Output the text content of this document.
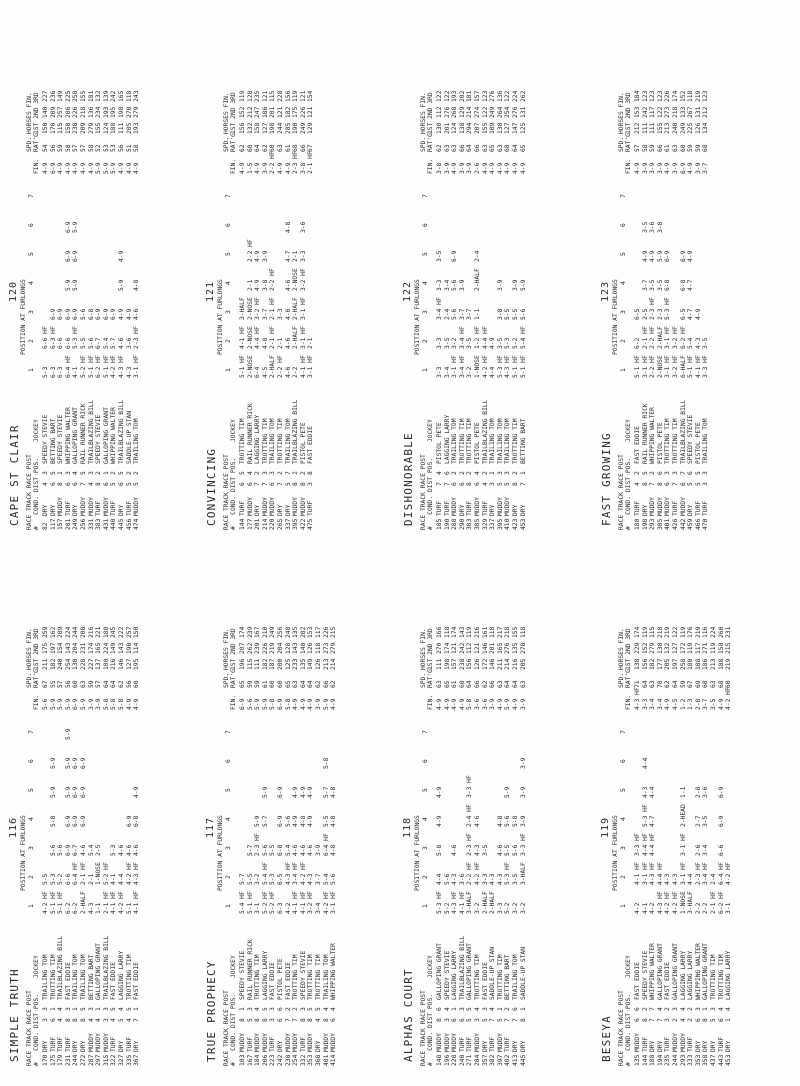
SIMPLE TRUTH
116
RACE TRACK RACE POST #   COND. DIST POS.
JOCKEY
POSITION AT FURLONGS
1
2
3
4
5
6
7
FIN.
SPD. RAT'G
HORSES FIN. 1ST 2ND 3RD
170
DRY
3
3
TRAILING TOM
4-2 HF
5-5
5-6
67
211
175
259
175
TURF
6
1
TROTTING TIM
5-1 HF
5-3
5-6
5-8
5-9
5-9
5-9
55
182
197
162
179
TURF
4
4
TRAILBLAZING BILL
5-1 HF
5-2
5-6
5-9
57
240
154
209
231
TURF
8
3
FAST EDDIE
6-2
6-6
6-9
6-9
5-9
5-9
5-9
5-9
56
254
143
224
244
DRY
8
1
TRAILING TOM
6-2
6-4 HF
6-7
6-9
6-9
6-9
6-9
60
130
204
244
272
DRY
8
5
TRAILING TOM
2-HALF
2-1 HF
4-6
6-9
6-9
6-9
5-9
63
228
231
208
287
MUDDY
4
3
BETTING BART
4-3
2-1
5-4
3-9
59
227
174
216
297
MUDDY
4
1
GALLOPING GRANT
1-1
1-NOSE
2-5
3-9
57
137
165
221
315
MUDDY
3
3
TRAILBLAZING BILL
2-1 HF
5-2 HF
5-8
64
100
224
180
322
TURF
4
5
FAST EDDIE
4-1 HF
4-1
5-3
5-8
64
216
149
245
327
DRY
5
4
LAGGING LARRY
4-2 HF
4-4
4-6
5-8
62
146
143
222
335
TURF
4
5
TROTTING TIM
5-1
4-2 HF
4-6
6-9
4-9
56
127
190
257
367
DRY
7
1
FAST EDDIE
4-1 HF
4-3 HF
4-6
6-8
4-9
4-9
60
195
114
150
CAPE ST CLAIR
120
RACE TRACK RACE POST #   COND. DIST POS.
JOCKEY
POSITION AT FURLONGS
1
2
3
4
5
6
7
FIN.
SPD. RAT'G
HORSES FIN. 1ST 2ND 3RD
82
DRY
4
3
SPEEDY STEVIE
5-3
6-6 HF
4-9
54
150
140
227
117
DRY
6
5
BETTING BART
6-3
6-3 HF
6-9
6-9
56
170
209
236
157
MUDDY
8
1
SPEEDY STEVIE
6-3
6-6
6-9
4-9
59
115
257
149
201
TURF
6
3
WHIPPING WALTER
6-4 HF
6-6
6-9
5-9
6-9
6-9
4-9
58
150
206
225
249
DRY
6
4
GALLOPING GRANT
4-1
5-3 HF
6-9
5-9
6-9
5-9
4-9
57
238
226
258
256
MUDDY
7
5
RAIL RUNNER RICK
5-2 HF
5-5
5-6
4-9
57
209
218
155
331
MUDDY
4
3
TRAILBLAZING BILL
5-1 HF
5-6
6-8
4-9
58
279
136
181
383
TURF
8
2
SPEEDY STEVIE
6-2 HF
6-7
6-9
5-9
52
155
234
132
431
MUDDY
6
1
GALLOPING GRANT
5-1 HF
5-4
6-9
5-9
53
124
193
139
440
TURF
5
2
WHIPPING WALTER
4-2 HF
5-7
6-9
5-9
53
188
195
242
445
DRY
6
5
TRAILBLAZING BILL
4-3 HF
4-6
4-9
5-9
4-9
4-9
56
111
198
165
456
TURF
5
2
SADDLE-UP STAN
4-3
3-6
4-9
4-9
51
205
270
118
474
MUDDY
5
2
TRAILING TOM
3-1 HF
2-3 HF
4-6
4-8
4-9
58
193
279
243
TRUE PROPHECY
117
RACE TRACK RACE POST #   COND. DIST POS.
JOCKEY
POSITION AT FURLONGS
1
2
3
4
5
6
7
FIN.
SPD. RAT'G
HORSES FIN. 1ST 2ND 3RD
103
MUDDY
8
1
SPEEDY STEVIE
5-4 HF
5-7
6-9
65
196
207
174
167
TURF
5
3
RAIL RUNNER RICK
5-1 HF
5-5
5-7
5-6
59
115
262
239
184
MUDDY
8
4
TROTTING TIM
3-1
3-2
2-3 HF
5-9
5-9
59
111
239
167
206
MUDDY
8
5
LAGGING LARRY
5-2 HF
5-4 HF
5-6
5-7
5-9
5-9
61
182
226
210
223
TURF
3
3
FAST EDDIE
5-2 HF
5-3
5-5
5-8
60
187
219
249
242
DRY
6
6
PISTOL PETE
6-3
6-5
6-8
6-9
6-9
6-9
60
200
204
256
238
MUDDY
7
2
FAST EDDIE
4-2
4-3 HF
5-4
5-6
5-8
65
125
128
248
254
MUDDY
7
2
TROTTING TIM
4-1 HF
3-4 HF
4-6
4-9
4-9
4-9
63
233
143
135
332
TURF
8
3
SPEEDY STEVIE
4-1 HF
4-2 HF
4-6
4-8
4-9
4-9
64
135
140
282
353
MUDDY
8
5
TROTTING TIM
3-2 HF
4-3
4-6
4-9
4-9
4-9
64
149
126
153
368
DRY
4
5
TROTTING TIM
3-4
3-7
3-9
3-9
62
126
118
117
401
MUDDY
8
4
TRAILING TOM
4-2 HF
5-4
6-4 HF
5-5
5-7
5-8
5-9
66
213
273
226
414
MUDDY
6
4
WHIPPING WALTER
3-1 HF
5-6
4-8
4-8
4-8
4-9
62
214
279
215
CONVINCING
121
RACE TRACK RACE POST #   COND. DIST POS.
JOCKEY
POSITION AT FURLONGS
1
2
3
4
5
6
7
FIN.
SPD. RAT'G
HORSES FIN. 1ST 2ND 3RD
144
TURF
6
5
TROTTING TIM
5-1 HF
4-1 HF
3-HALF
4-9
62
156
152
119
177
MUDDY
6
4
RAIL RUNNER RICK
2-NOSE
2-NOSE
2-NOSE
2-1
2-2 HF
1-5
60
132
212
128
201
DRY
7
2
LAGGING LARRY
6-4
4-4 HF
3-2 HF
4-9
4-9
4-9
64
158
247
235
214
MUDDY
7
3
TROTTING TIM
4-5
4-8
3-7
3-8
3-9
3-9
62
127
186
121
220
MUDDY
6
3
TRAILING TOM
2-HALF
2-1 HF
2-1 HF
2-2 HF
2-2 HF
60
198
201
115
265
DRY
7
2
TROTTING TIM
2-2 HF
2-1
3-3
4-9
63
244
121
228
337
DRY
5
7
TRAILING TOM
4-6
4-6
4-6
4-6
4-7
4-8
4-9
61
285
182
156
395
MUDDY
8
2
TRAILBLAZING BILL
2-2
2-HALF
2-HALF
2-NOSE
2-1
2-3 HF
68
190
175
119
422
MUDDY
8
2
PISTOL PETE
4-1 HF
3-1 HF
3-1 HF
3-2 HF
3-3
3-6
3-8
66
249
226
121
475
TURF
3
8
FAST EDDIE
3-1 HF
2-1
2-1 HF
67
129
121
154
ALPHAS COURT
118
RACE TRACK RACE POST #   COND. DIST POS.
JOCKEY
POSITION AT FURLONGS
1
2
3
4
5
6
7
FIN.
SPD. RAT'G
HORSES FIN. 1ST 2ND 3RD
148
MUDDY
8
6
GALLOPING GRANT
5-3 HF
4-4
5-8
4-9
4-9
4-9
63
111
270
166
196
MUDDY
3
4
SPEEDY STEVIE
5-2
5-6
4-9
65
198
174
118
228
MUDDY
6
1
LAGGING LARRY
4-3 HF
4-3
4-6
4-9
61
157
121
174
240
TURF
6
3
TRAILBLAZING BILL
4-1 HF
3-6
4-9
60
238
242
143
271
TURF
5
5
GALLOPING GRANT
3-HALF
2-2 HF
2-3 HF
2-4 HF
3-3 HF
5-8
64
156
112
119
284
MUDDY
3
4
TROTTING TIM
3-2
4-2 HF
4-3
4-6
3-6
66
126
121
216
357
DRY
5
3
FAST EDDIE
2-HALF
3-3
3-5
3-6
62
172
146
161
382
TURF
7
4
SADDLE-UP STAN
2-HALF
4-3
3-9
66
146
201
118
397
MUDDY
5
1
TROTTING TIM
3-3
4-3
4-6
4-8
4-9
63
211
165
217
402
TURF
7
2
BETTING BART
5-2
5-3 HF
5-5
5-6
5-9
5-9
64
214
276
218
413
DRY
7
6
TRAILING TOM
3-2
3-5
5-6
5-8
4-9
64
216
135
155
445
DRY
8
1
SADDLE-UP STAN
3-2
3-HALF
3-3 HF
3-9
3-9
3-9
3-9
63
205
278
118
DISHONORABLE
122
RACE TRACK RACE POST #   COND. DIST POS.
JOCKEY
POSITION AT FURLONGS
1
2
3
4
5
6
7
FIN.
SPD. RAT'G
HORSES FIN. 1ST 2ND 3RD
105
TURF
7
4
PISTOL PETE
3-3
3-3
3-4 HF
3-3
3-5
3-8
62
130
112
122
190
TURF
7
6
LAGGING LARRY
3-4
3-5
2-4
3-4
3-9
63
201
276
122
288
MUDDY
6
2
TRAILING TOM
3-1 HF
3-2
5-6
5-6
6-9
4-9
63
124
268
193
290
DRY
6
2
TROTTING TIM
3-4 HF
3-4 HF
3-7
3-9
3-9
66
138
129
202
303
TURF
8
2
TROTTING TIM
3-2
3-5
3-7
3-9
64
294
214
181
305
MUDDY
6
4
PISTOL PETE
1-NOSE
1-2 HF
1-1
2-HALF
2-4
2-6
66
207
274
157
329
TURF
4
2
TRAILBLAZING BILL
4-2 HF
4-4 HF
4-9
63
155
122
123
337
DRY
3
1
TRAILING TOM
4-4
4-9
4-9
65
109
249
276
395
MUDDY
5
3
TRAILING TOM
5-3 HF
3-5
3-8
3-9
4-9
63
138
264
136
410
MUDDY
5
3
TRAILING TOM
4-3 HF
5-3
5-5
4-9
68
127
254
122
423
DRY
8
2
TROTTING TIM
5-1 HF
5-2
5-5
3-9
4-9
64
147
276
224
453
DRY
7
1
BETTING BART
5-1 HF
5-4 HF
5-6
5-9
4-9
65
125
131
262
BESEYA
119
RACE TRACK RACE POST #   COND. DIST POS.
JOCKEY
POSITION AT FURLONGS
1
2
3
4
5
6
7
FIN.
SPD. RAT'G
HORSES FIN. 1ST 2ND 3RD
135
MUDDY
6
6
FAST EDDIE
4-2
4-1 HF
3-3 HF
4-3 HF
71
138
229
174
144
TURF
8
2
SPEEDY STEVIE
4-1
3-1 HF
4-4 HF
5-3 HF
4-3
4-4
3-3
64
156
152
119
188
DRY
7
7
WHIPPING WALTER
4-2
4-3 HF
4-4 HF
4-7
4-4
3-4
63
182
279
115
194
DRY
7
4
GALLOPING GRANT
4-3 HF
4-4 HF
3-4
70
177
138
218
235
TURF
3
2
FAST EDDIE
4-2 HF
4-3
4-9
62
205
132
219
244
MUDDY
2
3
GALLOPING GRANT
4-2 HF
4-3
4-5
64
197
127
122
293
MUDDY
4
4
LAGGING LARRY
1-NOSE
3-1 HF
3-1 HF
2-HEAD
1-1
1-2
59
258
172
119
333
TURF
2
2
LAGGING LARRY
3-HALF
4-4
1-3
67
180
119
176
353
DRY
6
3
WHIPPING WALTER
2-2
2-3 HF
2-6
2-7
2-8
2-8
69
188
117
219
358
DRY
8
1
GALLOPING GRANT
2-2
3-4 HF
3-4
3-5
3-6
3-7
68
186
271
116
437
DRY
5
3
TROTTING TIM
2-1 HF
2-4
3-5
63
213
119
224
443
TURF
6
4
TROTTING TIM
6-2 HF
6-4 HF
6-6
6-9
6-9
4-9
68
188
158
260
453
DRY
1
4
LAGGING LARRY
3-1
4-2 HF
4-2 HF
60
219
215
231
FAST GROWING
123
RACE TRACK RACE POST #   COND. DIST POS.
JOCKEY
POSITION AT FURLONGS
1
2
3
4
5
6
7
FIN.
SPD. RAT'G
HORSES FIN. 1ST 2ND 3RD
180
TURF
4
2
FAST EDDIE
5-1 HF
6-2
6-5
4-9
57
212
153
184
198
DRY
8
5
RAIL RUNNER RICK
3-1 HF
2-1 HF
2-5
3-7
4-9
3-5
3-9
58
111
242
123
293
MUDDY
7
2
WHIPPING WALTER
2-2 HF
2-2 HF
2-3 HF
3-5
4-9
3-6
3-9
59
111
117
123
305
MUDDY
8
6
PISTOL PETE
2-NOSE
2-HALF
2-3
3-5
5-9
3-8
3-9
66
155
122
123
401
MUDDY
6
3
TROTTING TIM
3-1 HF
3-1 HF
5-3 HF
6-8
6-9
4-9
61
213
273
226
426
TURF
7
3
TROTTING TIM
3-2 HF
3-2 HF
3-9
63
240
218
174
442
MUDDY
6
7
TRAILBLAZING BILL
6-HALF
6-2 HF
6-5
6-8
6-9
6-9
60
249
133
152
459
DRY
5
6
SPEEDY STEVIE
5-1 HF
5-4
4-7
4-7
4-9
4-9
59
225
267
118
466
TURF
5
5
PISTOL PETE
4-1 HF
4-3
4-9
3-9
59
126
131
219
470
TURF
3
3
TRAILING TOM
3-3 HF
3-5
3-7
68
134
212
123
